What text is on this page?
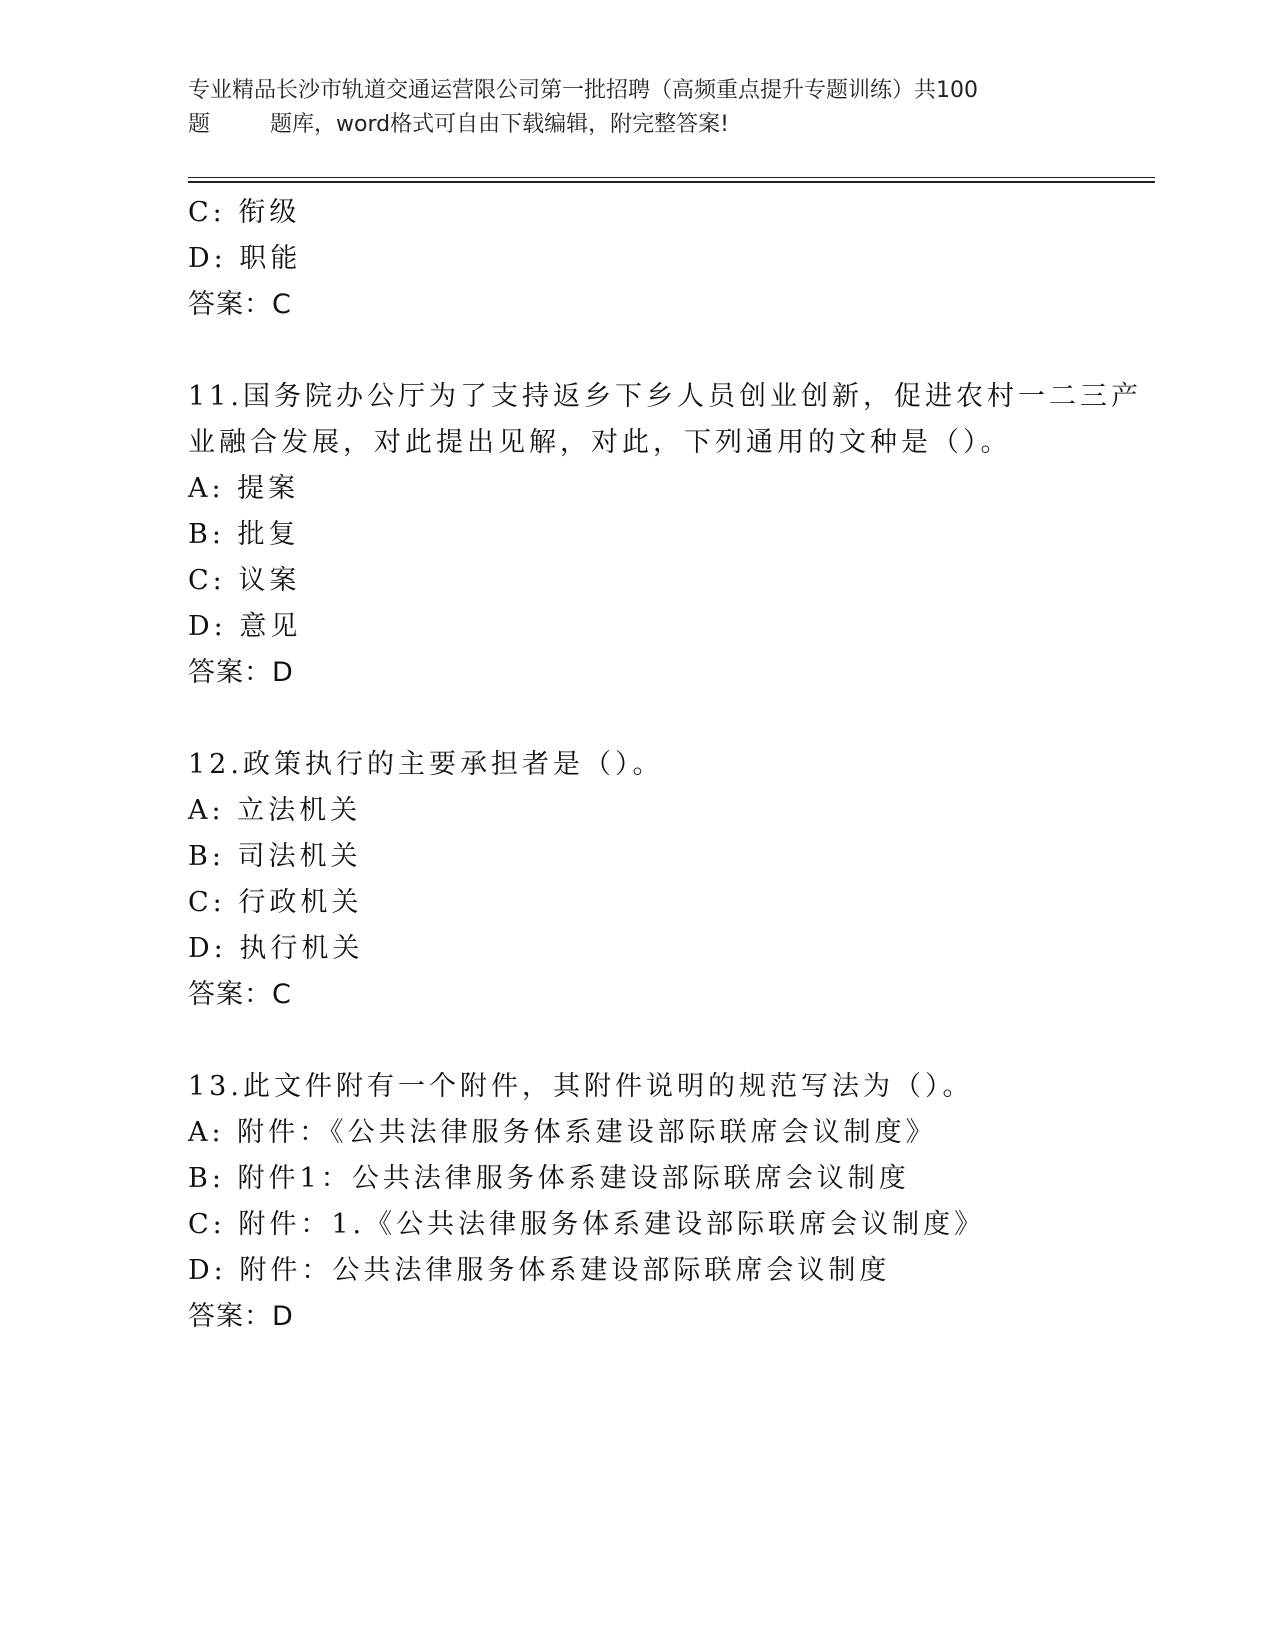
专业精品长沙市轨道交通运营限公司第一批招聘（高频重点提升专题训练）共100
题	题库，word格式可自由下载编辑，附完整答案!
C: 衔级
D: 职能
答案：C
11.国务院办公厅为了支持返乡下乡人员创业创新，促进农村一二三产
业融合发展，对此提出见解，对此，下列通用的文种是（）。
A: 提案
B: 批复
C: 议案
D: 意见
答案：D
12.政策执行的主要承担者是（）。
A: 立法机关
B: 司法机关
C: 行政机关
D: 执行机关
答案：C
13.此文件附有一个附件，其附件说明的规范写法为（）。
A: 附件：《公共法律服务体系建设部际联席会议制度》
B: 附件1：公共法律服务体系建设部际联席会议制度
C: 附件：1.《公共法律服务体系建设部际联席会议制度》
D: 附件：公共法律服务体系建设部际联席会议制度
答案：D
